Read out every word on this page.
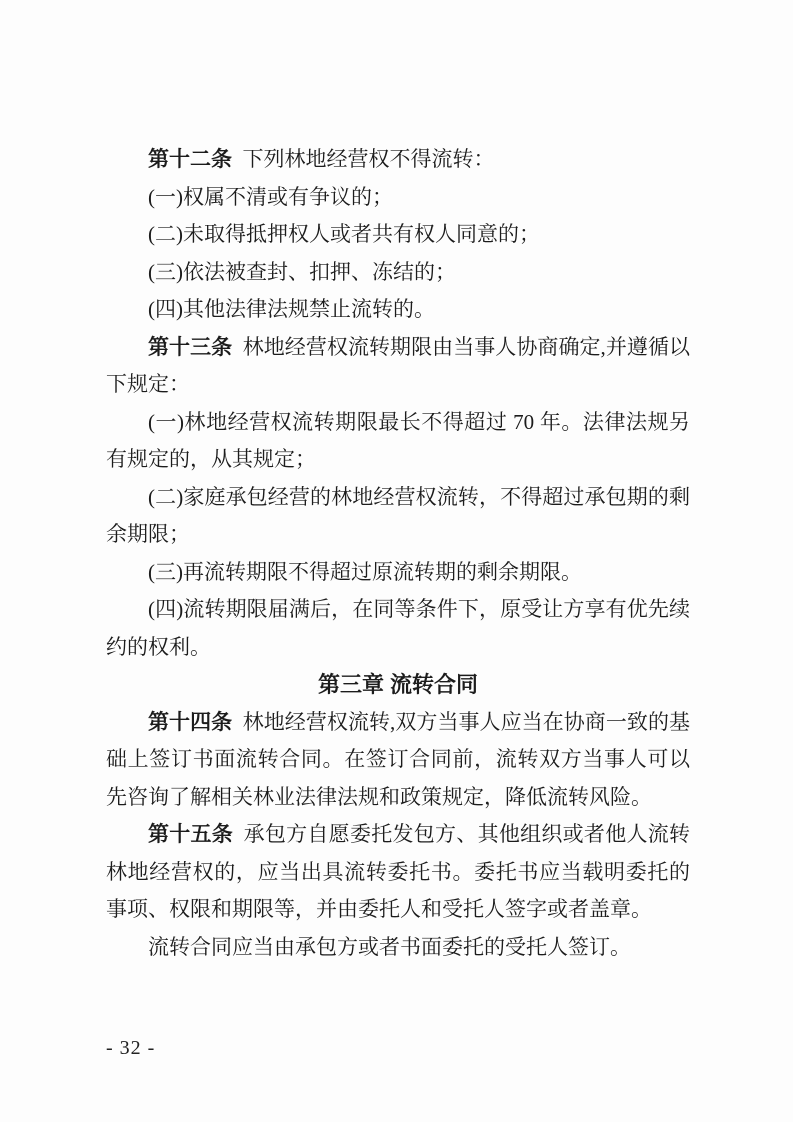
第十二条 下列林地经营权不得流转：

(一)权属不清或有争议的；

(二)未取得抵押权人或者共有权人同意的；

(三)依法被查封、扣押、冻结的；

(四)其他法律法规禁止流转的。

第十三条 林地经营权流转期限由当事人协商确定,并遵循以下规定：

(一)林地经营权流转期限最长不得超过 70 年。法律法规另有规定的，从其规定；

(二)家庭承包经营的林地经营权流转，不得超过承包期的剩余期限；

(三)再流转期限不得超过原流转期的剩余期限。

(四)流转期限届满后，在同等条件下，原受让方享有优先续约的权利。

第三章 流转合同

第十四条 林地经营权流转,双方当事人应当在协商一致的基础上签订书面流转合同。在签订合同前，流转双方当事人可以先咨询了解相关林业法律法规和政策规定，降低流转风险。

第十五条 承包方自愿委托发包方、其他组织或者他人流转林地经营权的，应当出具流转委托书。委托书应当载明委托的事项、权限和期限等，并由委托人和受托人签字或者盖章。

流转合同应当由承包方或者书面委托的受托人签订。

- 32 -
